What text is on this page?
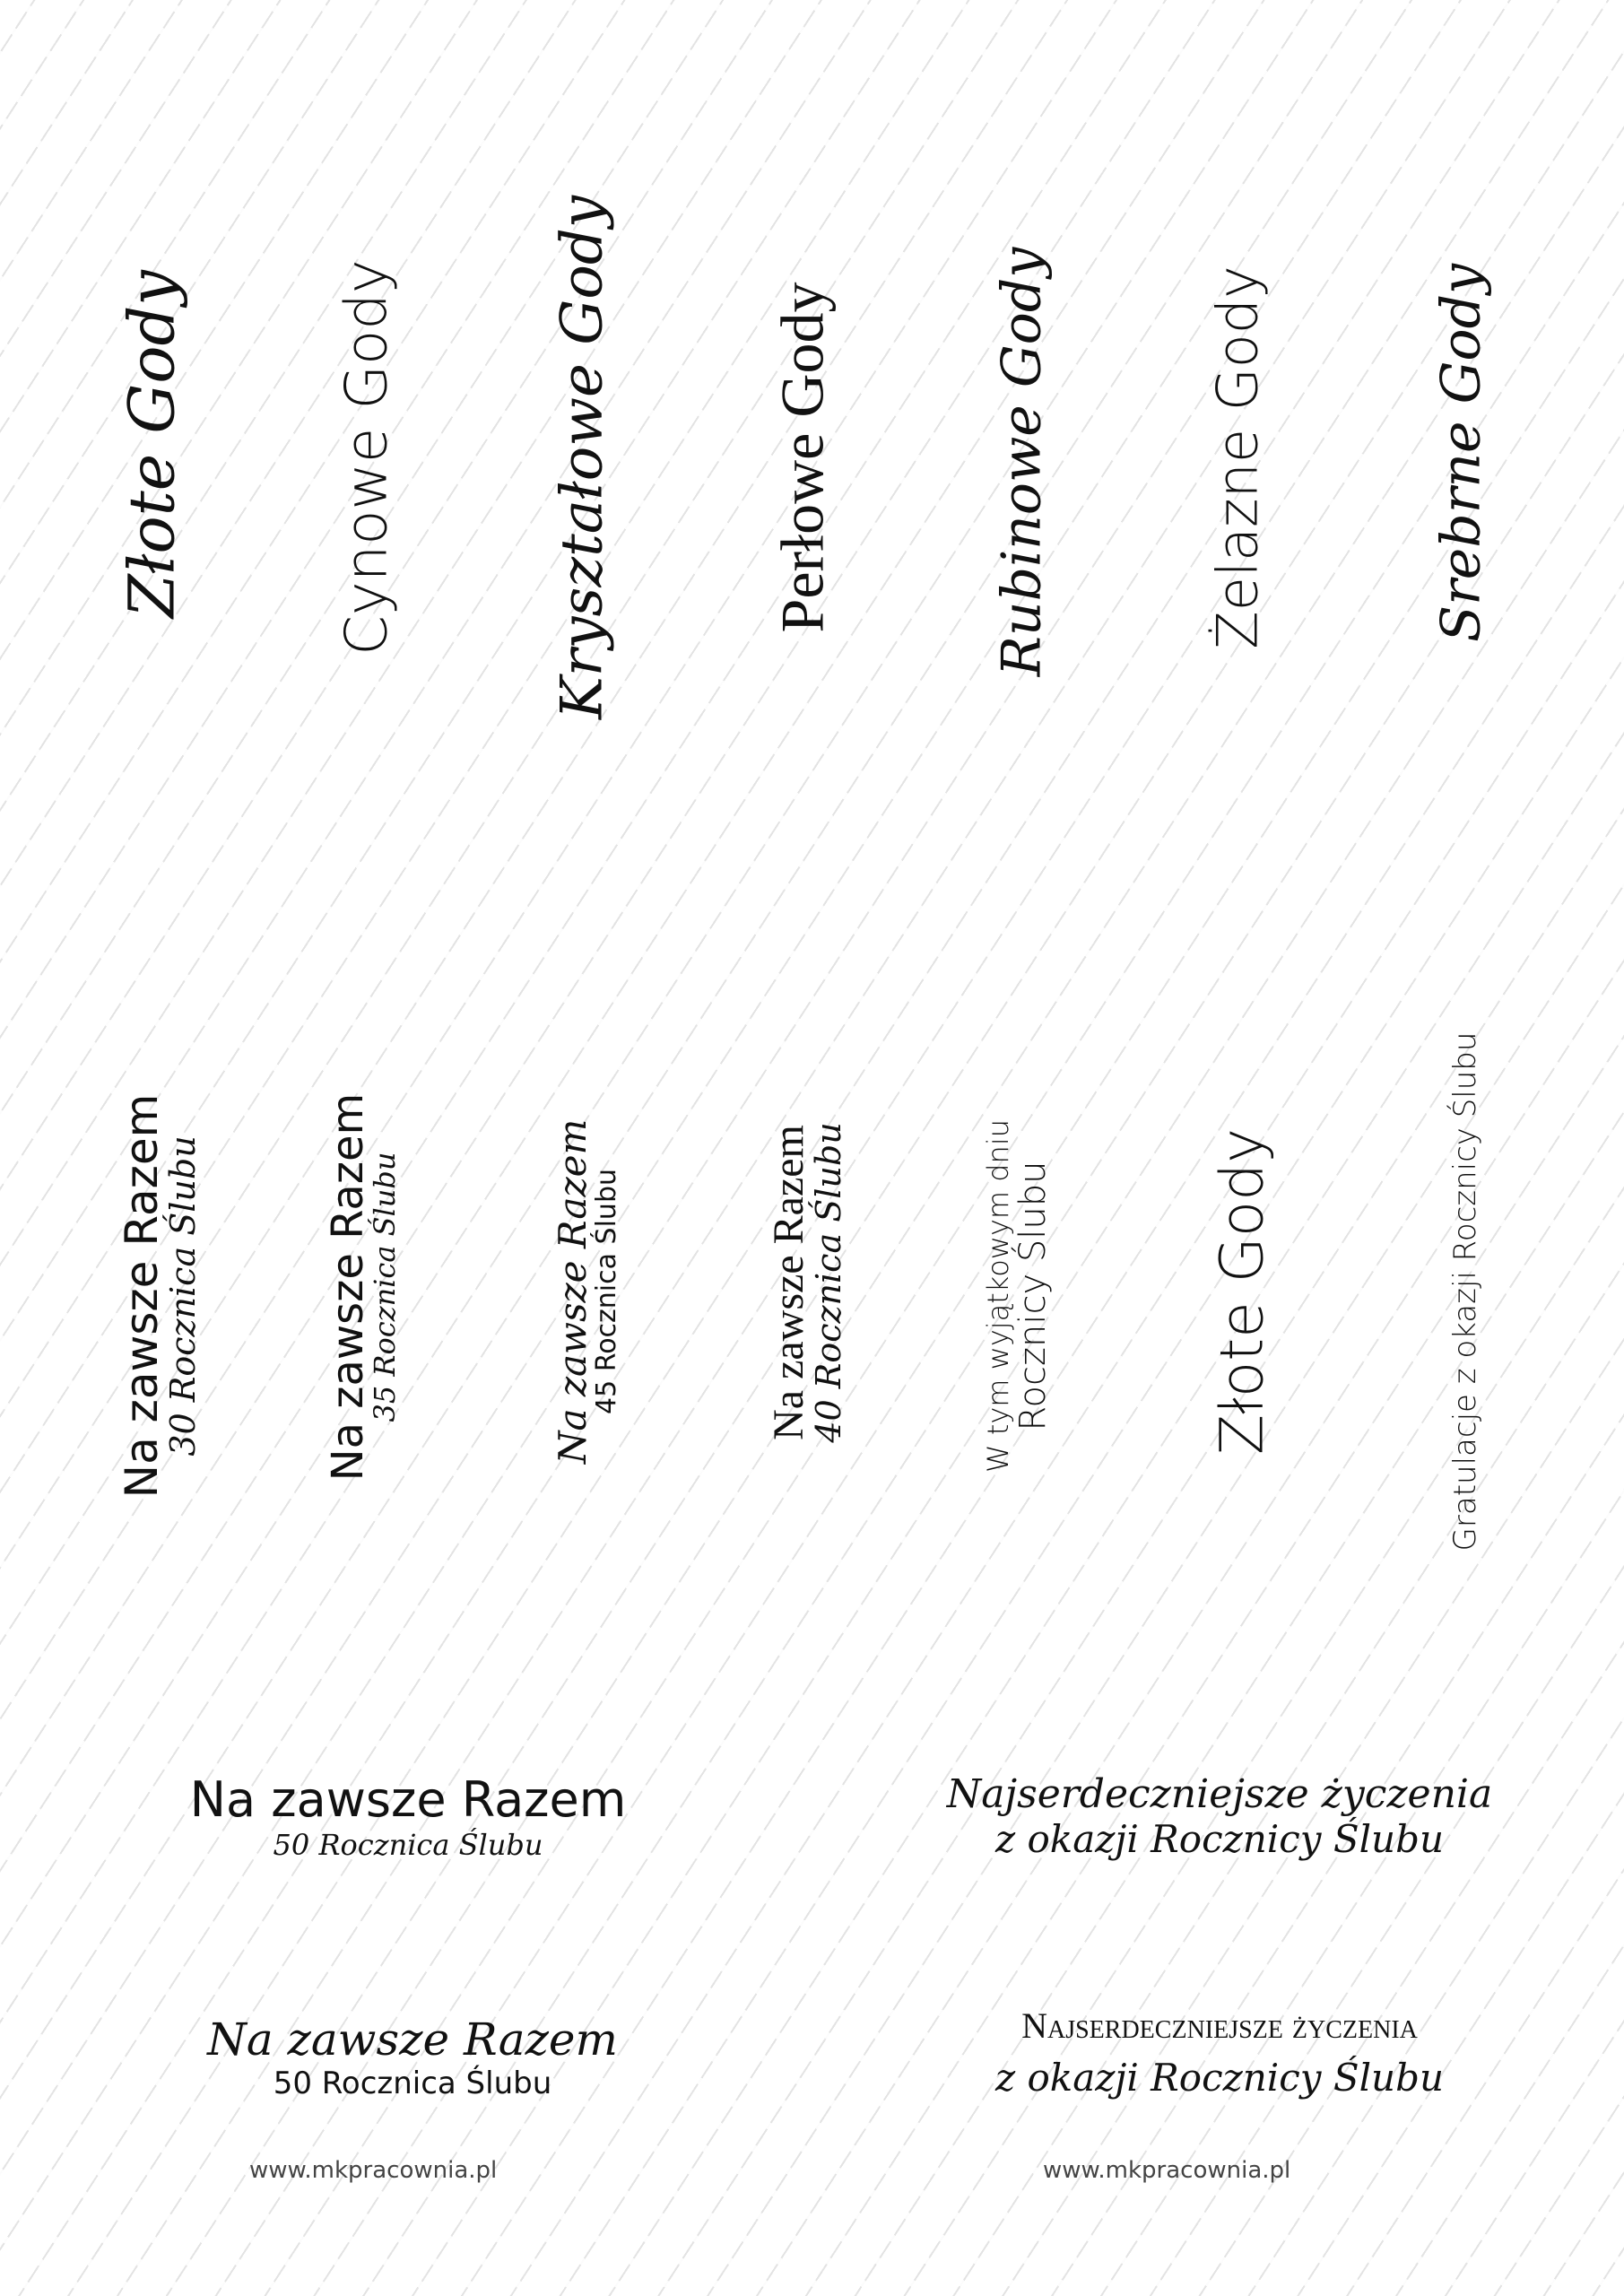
Złote Gody	Cynowe Gody	Kryształowe Gody Perłowe Gody	Rubinowe Gody	Żelazne Gody	Srebrne Gody
Na zawsze Razem
30 Rocznica Ślubu	Na zawsze Razem
35 Rocznica Ślubu	Na zawsze Razem
45 Rocznica Ślubu	Na zawsze Razem
40 Rocznica Ślubu	W tym wyjątkowym dniu
Rocznicy Ślubu	Złote Gody	Gratulacje z okazji Rocznicy Ślubu
Na zawsze Razem
50 Rocznica Ślubu
Na zawsze Razem
50 Rocznica Ślubu
Najserdeczniejsze życzenia
z okazji Rocznicy Ślubu
Najserdeczniejsze życzenia
z okazji Rocznicy Ślubu
www.mkpracownia.pl	www.mkpracownia.pl
